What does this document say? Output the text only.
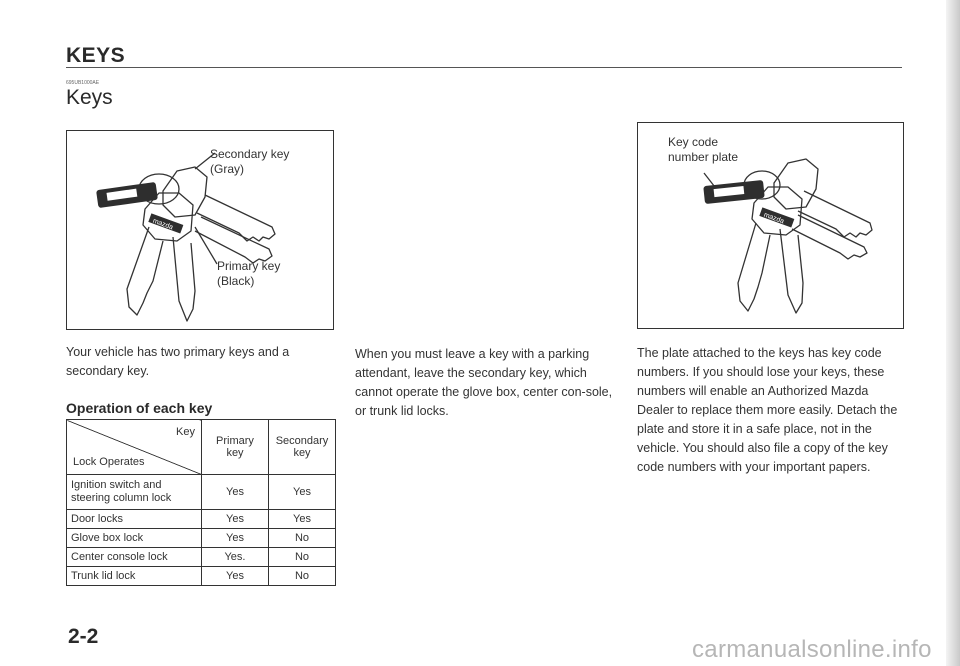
KEYS
695UB1000AE
Keys
mazda
Secondary key
(Gray)
Primary key
(Black)
mazda
Key code
number plate

Your vehicle has two primary keys and a secondary key.

Operation of each key
Key
Lock Operates	Primary key	Secondary key
Ignition switch and steering column lock	Yes	Yes
Door locks	Yes	Yes
Glove box lock	Yes	No
Center console lock	Yes.	No
Trunk lid lock	Yes	No

When you must leave a key with a parking attendant, leave the secondary key, which cannot operate the glove box, center con-sole, or trunk lid locks.

The plate attached to the keys has key code numbers. If you should lose your keys, these numbers will enable an Authorized Mazda Dealer to replace them more easily. Detach the plate and store it in a safe place, not in the vehicle. You should also file a copy of the key code numbers with your important papers.

2-2	carmanualsonline.info
